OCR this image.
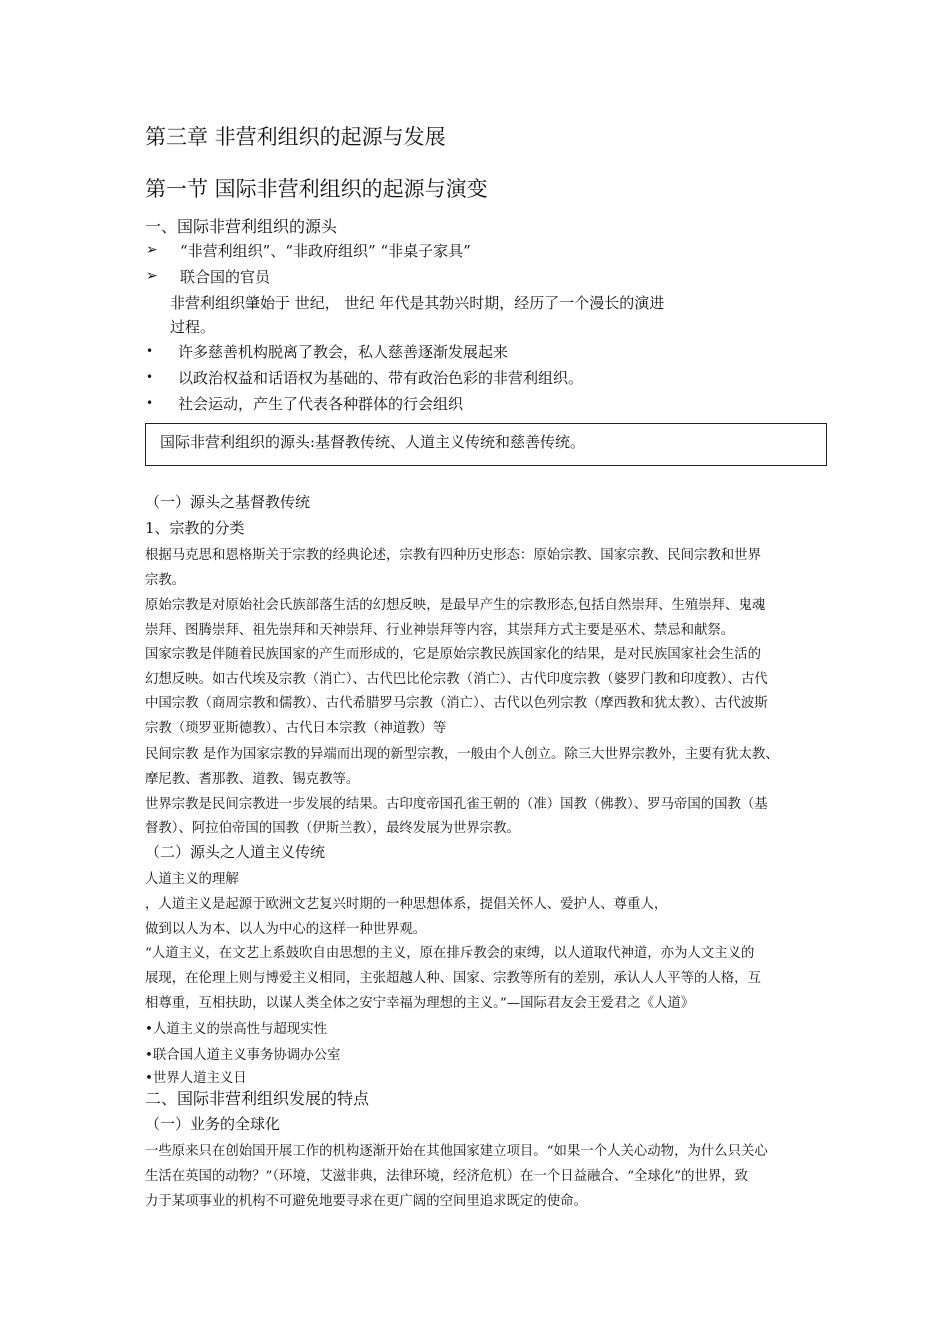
第三章 非营利组织的起源与发展
第一节 国际非营利组织的起源与演变
一、国际非营利组织的源头
➢ “非营利组织”、“非政府组织” “非桌子家具”
➢ 联合国的官员
非营利组织肇始于 世纪， 世纪 年代是其勃兴时期，经历了一个漫长的演进
过程。
• 许多慈善机构脱离了教会，私人慈善逐渐发展起来
• 以政治权益和话语权为基础的、带有政治色彩的非营利组织。
• 社会运动，产生了代表各种群体的行会组织
国际非营利组织的源头:基督教传统、人道主义传统和慈善传统。
（一）源头之基督教传统
1、宗教的分类
根据马克思和恩格斯关于宗教的经典论述，宗教有四种历史形态：原始宗教、国家宗教、民间宗教和世界
宗教。
原始宗教是对原始社会氏族部落生活的幻想反映，是最早产生的宗教形态,包括自然崇拜、生殖崇拜、鬼魂
崇拜、图腾崇拜、祖先崇拜和天神崇拜、行业神崇拜等内容，其崇拜方式主要是巫术、禁忌和献祭。
国家宗教是伴随着民族国家的产生而形成的，它是原始宗教民族国家化的结果，是对民族国家社会生活的
幻想反映。如古代埃及宗教（消亡）、古代巴比伦宗教（消亡）、古代印度宗教（婆罗门教和印度教）、古代
中国宗教（商周宗教和儒教）、古代希腊罗马宗教（消亡）、古代以色列宗教（摩西教和犹太教）、古代波斯
宗教（琐罗亚斯德教）、古代日本宗教（神道教）等
民间宗教 是作为国家宗教的异端而出现的新型宗教，一般由个人创立。除三大世界宗教外，主要有犹太教、
摩尼教、耆那教、道教、锡克教等。
世界宗教是民间宗教进一步发展的结果。古印度帝国孔雀王朝的（准）国教（佛教）、罗马帝国的国教（基
督教）、阿拉伯帝国的国教（伊斯兰教），最终发展为世界宗教。
（二）源头之人道主义传统
人道主义的理解
，人道主义是起源于欧洲文艺复兴时期的一种思想体系，提倡关怀人、爱护人、尊重人，
做到以人为本、以人为中心的这样一种世界观。
“人道主义，在文艺上系鼓吹自由思想的主义，原在排斥教会的束缚，以人道取代神道，亦为人文主义的
展现，在伦理上则与博爱主义相同，主张超越人种、国家、宗教等所有的差别，承认人人平等的人格，互
相尊重，互相扶助，以谋人类全体之安宁幸福为理想的主义。”—国际君友会王爱君之《人道》
•人道主义的崇高性与超现实性
•联合国人道主义事务协调办公室
•世界人道主义日
二、国际非营利组织发展的特点
（一）业务的全球化
一些原来只在创始国开展工作的机构逐渐开始在其他国家建立项目。“如果一个人关心动物，为什么只关心
生活在英国的动物？”（环境，艾滋非典，法律环境，经济危机）在一个日益融合、“全球化”的世界，致
力于某项事业的机构不可避免地要寻求在更广阔的空间里追求既定的使命。
